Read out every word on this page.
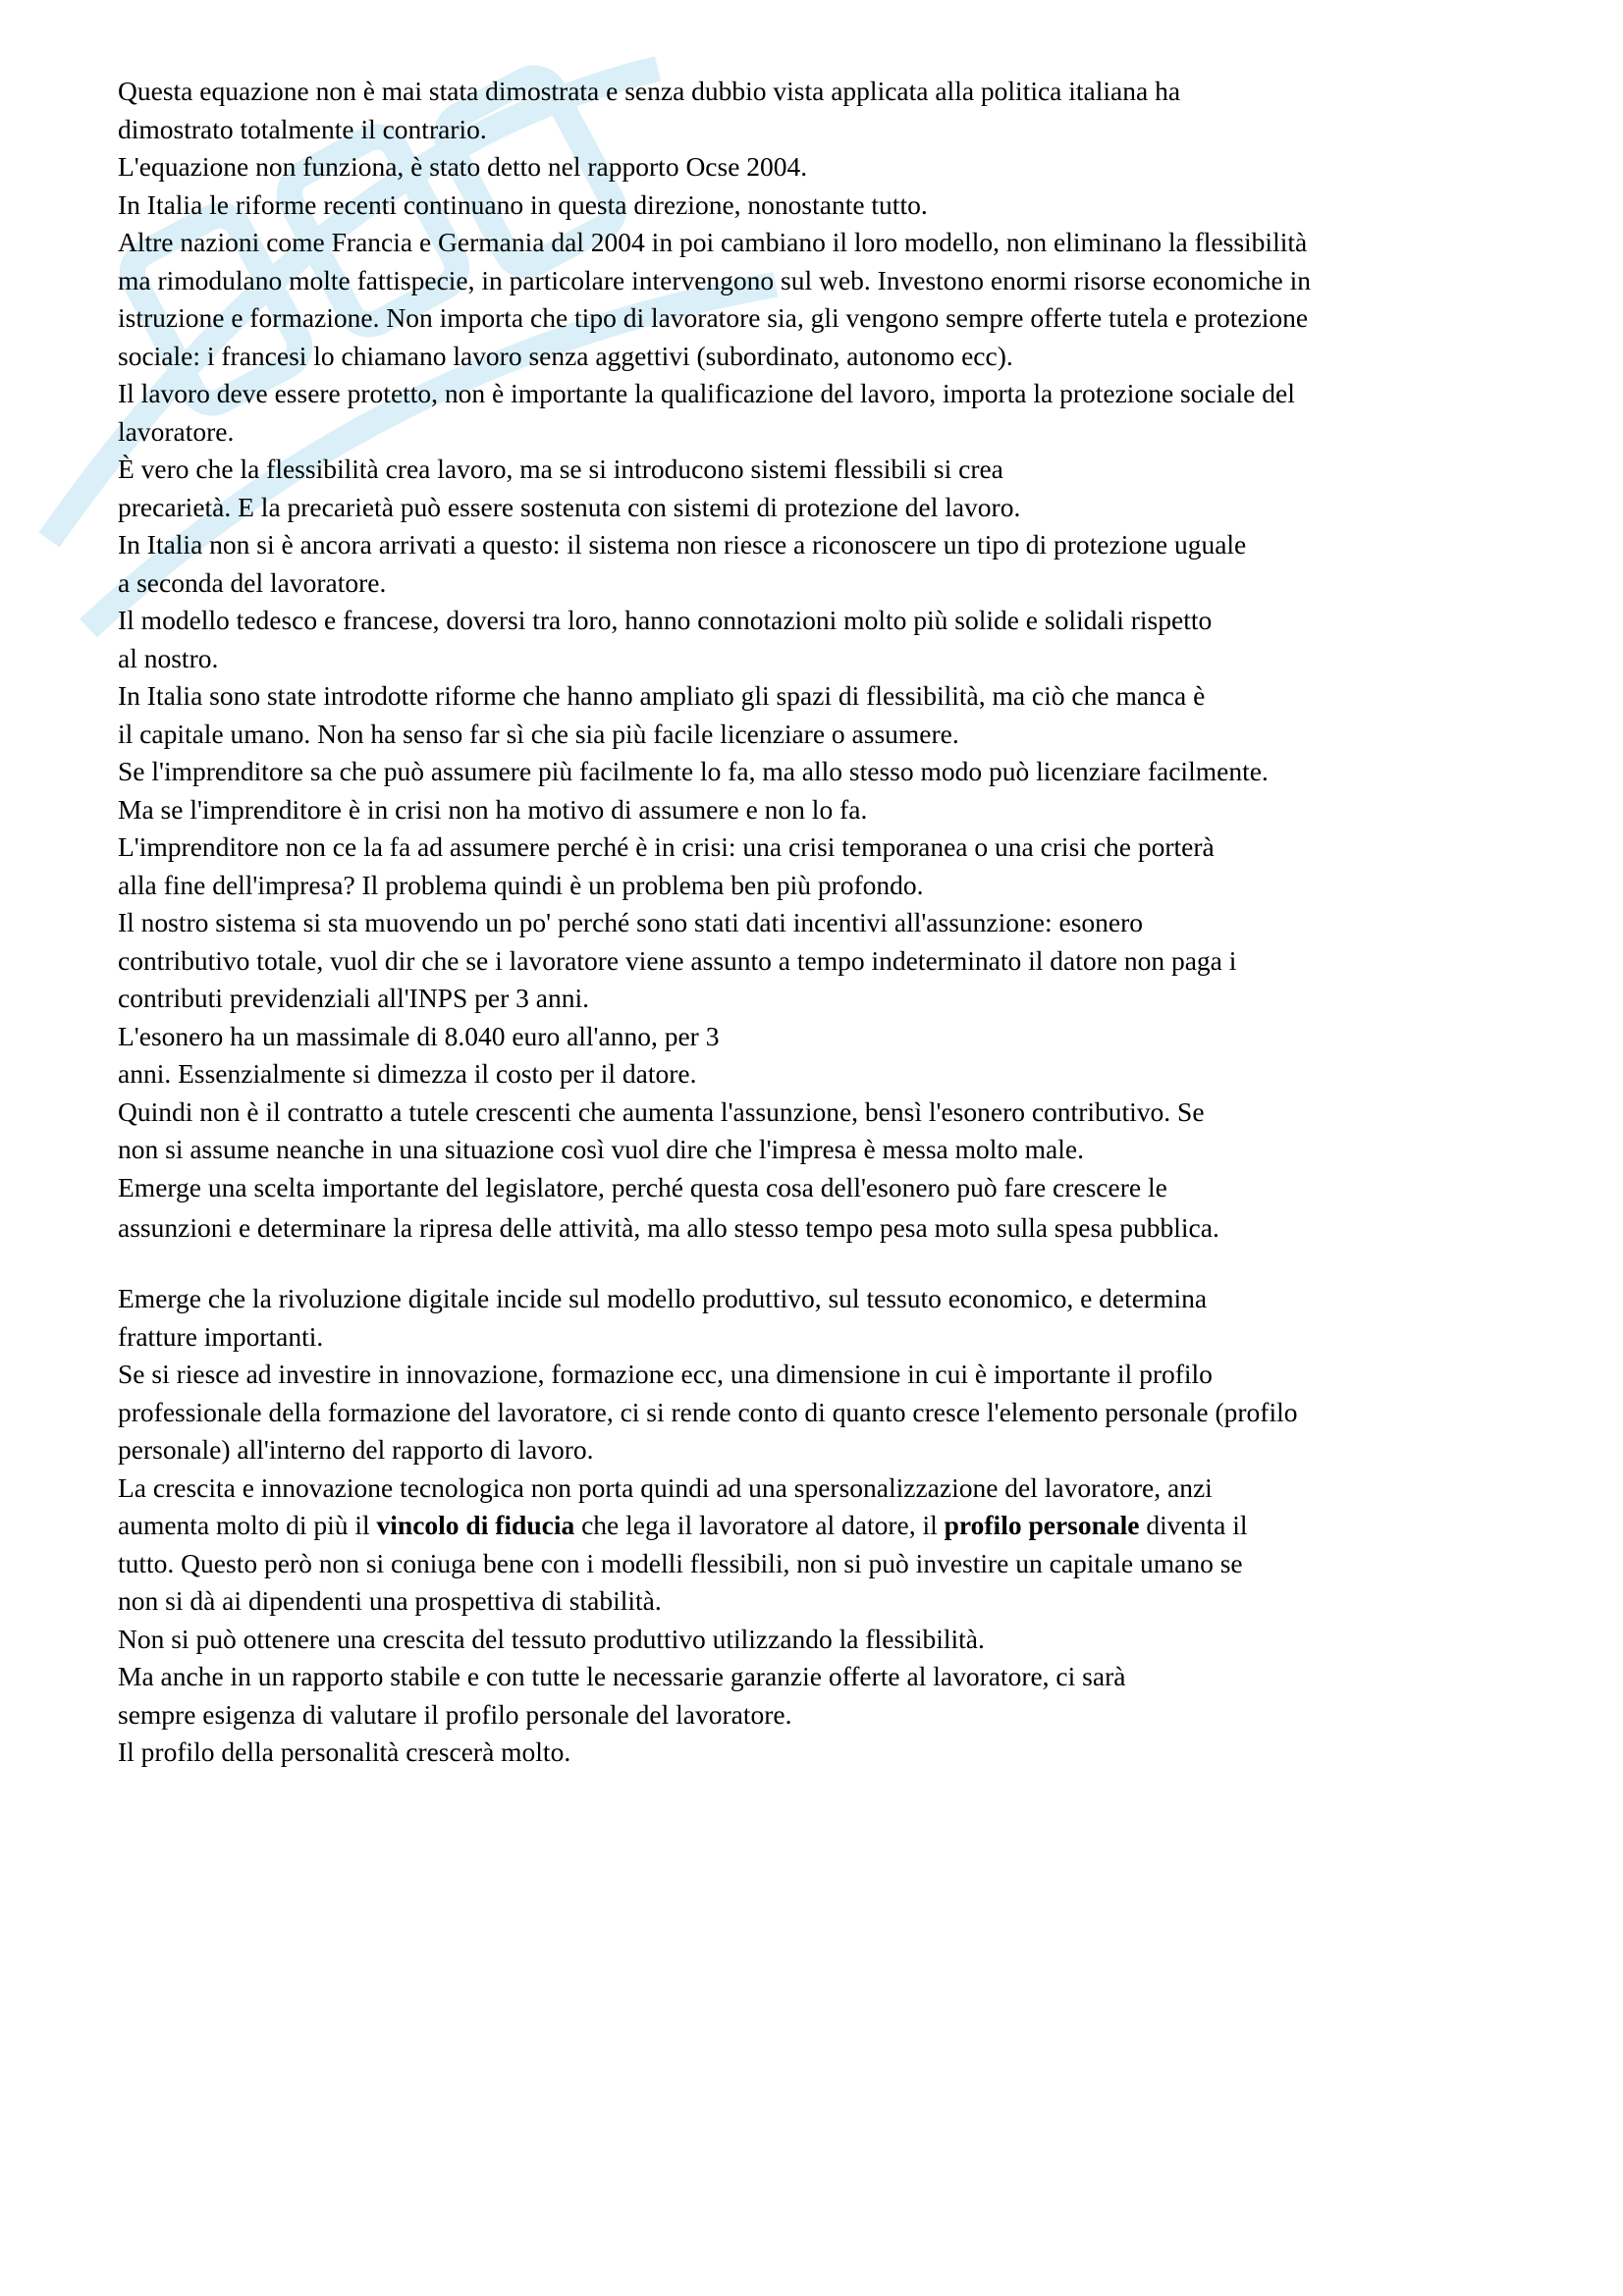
Questa equazione non è mai stata dimostrata e senza dubbio vista applicata alla politica italiana ha
dimostrato totalmente il contrario.
L'equazione non funziona, è stato detto nel rapporto Ocse 2004.
In Italia le riforme recenti continuano in questa direzione, nonostante tutto.
Altre nazioni come Francia e Germania dal 2004 in poi cambiano il loro modello, non eliminano la flessibilità
ma rimodulano molte fattispecie, in particolare intervengono sul web. Investono enormi risorse economiche in
istruzione e formazione. Non importa che tipo di lavoratore sia, gli vengono sempre offerte tutela e protezione
sociale: i francesi lo chiamano lavoro senza aggettivi (subordinato, autonomo ecc).
Il lavoro deve essere protetto, non è importante la qualificazione del lavoro, importa la protezione sociale del
lavoratore.
È vero che la flessibilità crea lavoro, ma se si introducono sistemi flessibili si crea
precarietà. E la precarietà può essere sostenuta con sistemi di protezione del lavoro.
In Italia non si è ancora arrivati a questo: il sistema non riesce a riconoscere un tipo di protezione uguale
a seconda del lavoratore.
Il modello tedesco e francese, doversi tra loro, hanno connotazioni molto più solide e solidali rispetto
al nostro.
In Italia sono state introdotte riforme che hanno ampliato gli spazi di flessibilità, ma ciò che manca è
il capitale umano. Non ha senso far sì che sia più facile licenziare o assumere.
Se l'imprenditore sa che può assumere più facilmente lo fa, ma allo stesso modo può licenziare facilmente.
Ma se l'imprenditore è in crisi non ha motivo di assumere e non lo fa.
L'imprenditore non ce la fa ad assumere perché è in crisi: una crisi temporanea o una crisi che porterà
alla fine dell'impresa? Il problema quindi è un problema ben più profondo.
Il nostro sistema si sta muovendo un po' perché sono stati dati incentivi all'assunzione: esonero
contributivo totale, vuol dir che se i lavoratore viene assunto a tempo indeterminato il datore non paga i
contributi previdenziali all'INPS per 3 anni.
L'esonero ha un massimale di 8.040 euro all'anno, per 3
anni. Essenzialmente si dimezza il costo per il datore.
Quindi non è il contratto a tutele crescenti che aumenta l'assunzione, bensì l'esonero contributivo. Se
non si assume neanche in una situazione così vuol dire che l'impresa è messa molto male.
Emerge una scelta importante del legislatore, perché questa cosa dell'esonero può fare crescere le
assunzioni e determinare la ripresa delle attività, ma allo stesso tempo pesa moto sulla spesa pubblica.
Emerge che la rivoluzione digitale incide sul modello produttivo, sul tessuto economico, e determina
fratture importanti.
Se si riesce ad investire in innovazione, formazione ecc, una dimensione in cui è importante il profilo
professionale della formazione del lavoratore, ci si rende conto di quanto cresce l'elemento personale (profilo
personale) all'interno del rapporto di lavoro.
La crescita e innovazione tecnologica non porta quindi ad una spersonalizzazione del lavoratore, anzi
aumenta molto di più il vincolo di fiducia che lega il lavoratore al datore, il profilo personale diventa il
tutto. Questo però non si coniuga bene con i modelli flessibili, non si può investire un capitale umano se
non si dà ai dipendenti una prospettiva di stabilità.
Non si può ottenere una crescita del tessuto produttivo utilizzando la flessibilità.
Ma anche in un rapporto stabile e con tutte le necessarie garanzie offerte al lavoratore, ci sarà
sempre esigenza di valutare il profilo personale del lavoratore.
Il profilo della personalità crescerà molto.
